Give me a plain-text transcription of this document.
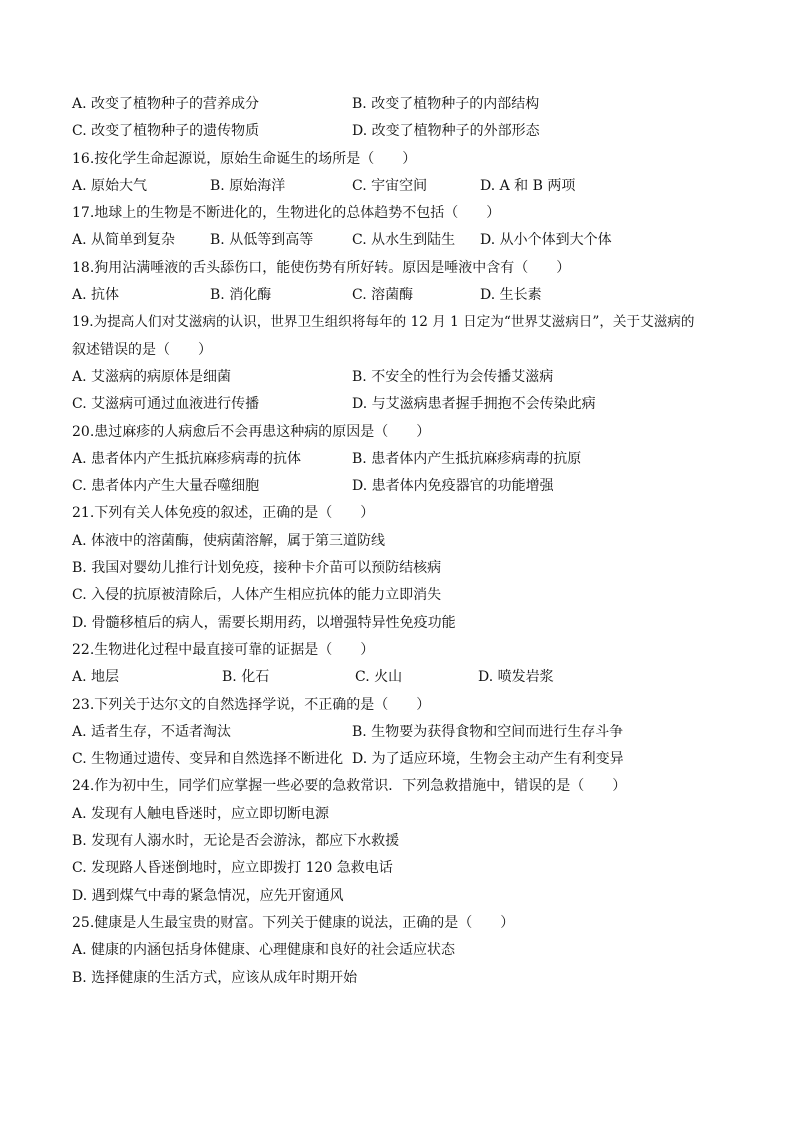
A. 改变了植物种子的营养成分	B. 改变了植物种子的内部结构
C. 改变了植物种子的遗传物质	D. 改变了植物种子的外部形态
16.按化学生命起源说，原始生命诞生的场所是（　　）
A. 原始大气	B. 原始海洋	C. 宇宙空间	D. A 和 B 两项
17.地球上的生物是不断进化的，生物进化的总体趋势不包括（　　）
A. 从简单到复杂 B. 从低等到高等	C. 从水生到陆生 D. 从小个体到大个体
18.狗用沾满唾液的舌头舔伤口，能使伤势有所好转。原因是唾液中含有（　　）
A. 抗体	B. 消化酶	C. 溶菌酶	D. 生长素
19.为提高人们对艾滋病的认识，世界卫生组织将每年的 12 月 1 日定为“世界艾滋病日”，关于艾滋病的
叙述错误的是（　　）
A. 艾滋病的病原体是细菌	B. 不安全的性行为会传播艾滋病
C. 艾滋病可通过血液进行传播	D. 与艾滋病患者握手拥抱不会传染此病
20.患过麻疹的人病愈后不会再患这种病的原因是（　　）
A. 患者体内产生抵抗麻疹病毒的抗体	B. 患者体内产生抵抗麻疹病毒的抗原
C. 患者体内产生大量吞噬细胞	D. 患者体内免疫器官的功能增强
21.下列有关人体免疫的叙述，正确的是（　　）
A. 体液中的溶菌酶，使病菌溶解，属于第三道防线
B. 我国对婴幼儿推行计划免疫，接种卡介苗可以预防结核病
C. 入侵的抗原被清除后，人体产生相应抗体的能力立即消失
D. 骨髓移植后的病人，需要长期用药，以增强特异性免疫功能
22.生物进化过程中最直接可靠的证据是（　　）
A. 地层	B. 化石	C. 火山	D. 喷发岩浆
23.下列关于达尔文的自然选择学说，不正确的是（　　）
A. 适者生存，不适者淘汰	B. 生物要为获得食物和空间而进行生存斗争
C. 生物通过遗传、变异和自然选择不断进化 D. 为了适应环境，生物会主动产生有利变异
24.作为初中生，同学们应掌握一些必要的急救常识．下列急救措施中，错误的是（　　）
A. 发现有人触电昏迷时，应立即切断电源
B. 发现有人溺水时，无论是否会游泳，都应下水救援
C. 发现路人昏迷倒地时，应立即拨打 120 急救电话
D. 遇到煤气中毒的紧急情况，应先开窗通风
25.健康是人生最宝贵的财富。下列关于健康的说法，正确的是（　　）
A. 健康的内涵包括身体健康、心理健康和良好的社会适应状态
B. 选择健康的生活方式，应该从成年时期开始
